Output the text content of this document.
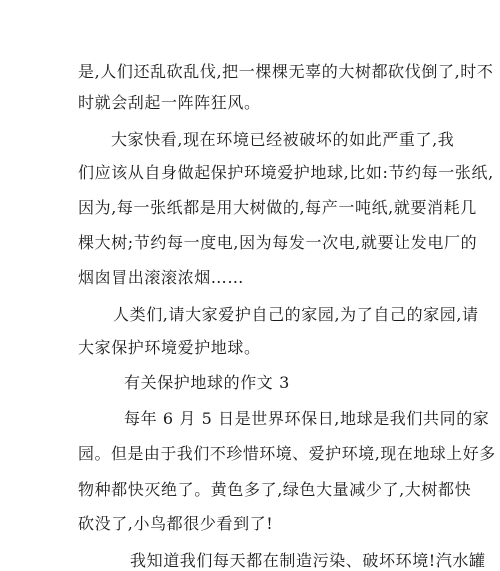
是,人们还乱砍乱伐,把一棵棵无辜的大树都砍伐倒了,时不
时就会刮起一阵阵狂风。
大家快看,现在环境已经被破坏的如此严重了,我
们应该从自身做起保护环境爱护地球,比如:节约每一张纸,
因为,每一张纸都是用大树做的,每产一吨纸,就要消耗几
棵大树;节约每一度电,因为每发一次电,就要让发电厂的
烟囱冒出滚滚浓烟……
人类们,请大家爱护自己的家园,为了自己的家园,请
大家保护环境爱护地球。
有关保护地球的作文 3
每年 6 月 5 日是世界环保日,地球是我们共同的家
园。但是由于我们不珍惜环境、爱护环境,现在地球上好多
物种都快灭绝了。黄色多了,绿色大量减少了,大树都快
砍没了,小鸟都很少看到了!
我知道我们每天都在制造污染、破坏环境!汽水罐
